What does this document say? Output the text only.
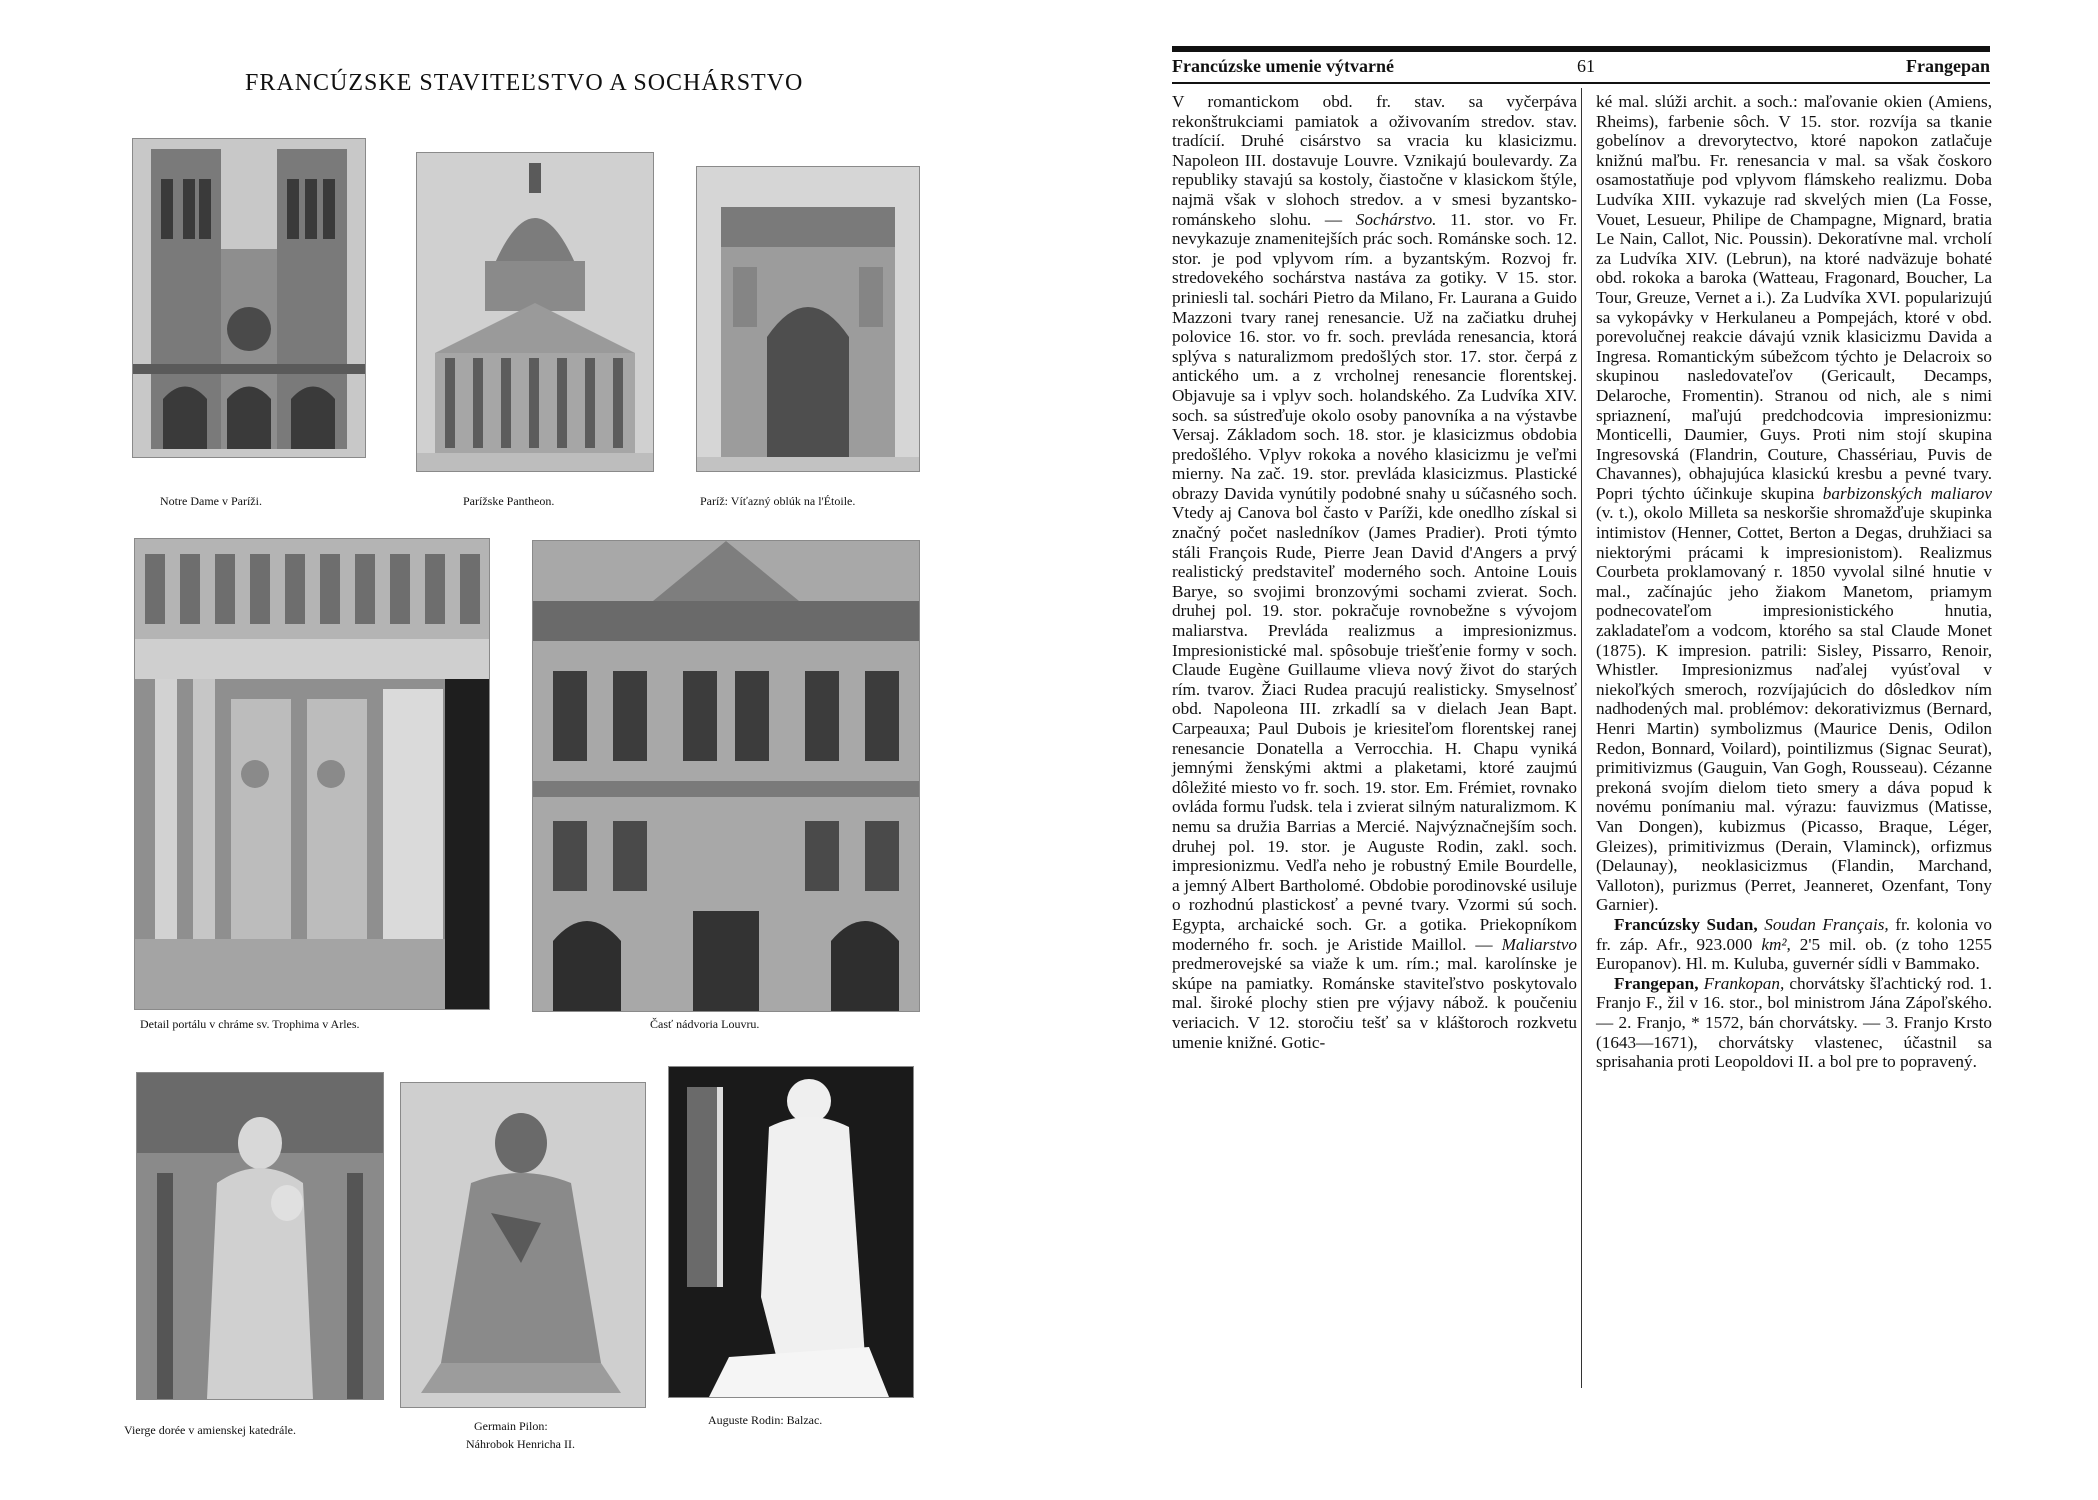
FRANCÚZSKE STAVITEĽSTVO A SOCHÁRSTVO
Notre Dame v Paríži.	Parížske Pantheon.	Paríž: Víťazný oblúk na l'Étoile.
Detail portálu v chráme sv. Trophima v Arles.	Časť nádvoria Louvru.
Vierge dorée v amienskej katedrále.	Germain Pilon:
Náhrobok Henricha II.
Auguste Rodin: Balzac.
Francúzske umenie výtvarné	61	Frangepan

V romantickom obd. fr. stav. sa vyčerpáva rekonštrukciami pamiatok a oživovaním stredov. stav. tradícií. Druhé cisárstvo sa vracia ku klasicizmu. Napoleon III. dostavuje Louvre. Vznikajú boulevardy. Za republiky stavajú sa kostoly, čiastočne v klasickom štýle, najmä však v slohoch stredov. a v smesi byzantsko-románskeho slohu. — Sochárstvo. 11. stor. vo Fr. nevykazuje znamenitejších prác soch. Románske soch. 12. stor. je pod vplyvom rím. a byzantským. Rozvoj fr. stredovekého sochárstva nastáva za gotiky. V 15. stor. priniesli tal. sochári Pietro da Milano, Fr. Laurana a Guido Mazzoni tvary ranej renesancie. Už na začiatku druhej polovice 16. stor. vo fr. soch. prevláda renesancia, ktorá splýva s naturalizmom predošlých stor. 17. stor. čerpá z antického um. a z vrcholnej renesancie florentskej. Objavuje sa i vplyv soch. holandského. Za Ludvíka XIV. soch. sa sústreďuje okolo osoby panovníka a na výstavbe Versaj. Základom soch. 18. stor. je klasicizmus obdobia predošlého. Vplyv rokoka a nového klasicizmu je veľmi mierny. Na zač. 19. stor. prevláda klasicizmus. Plastické obrazy Davida vynútily podobné snahy u súčasného soch. Vtedy aj Canova bol často v Paríži, kde onedlho získal si značný počet nasledníkov (James Pradier). Proti týmto stáli François Rude, Pierre Jean David d'Angers a prvý realistický predstaviteľ moderného soch. Antoine Louis Barye, so svojimi bronzovými sochami zvierat. Soch. druhej pol. 19. stor. pokračuje rovnobežne s vývojom maliarstva. Prevláda realizmus a impresionizmus. Impresionistické mal. spôsobuje triešťenie formy v soch. Claude Eugène Guillaume vlieva nový život do starých rím. tvarov. Žiaci Rudea pracujú realisticky. Smyselnosť obd. Napoleona III. zrkadlí sa v dielach Jean Bapt. Carpeauxa; Paul Dubois je kriesiteľom florentskej ranej renesancie Donatella a Verrocchia. H. Chapu vyniká jemnými ženskými aktmi a plaketami, ktoré zaujmú dôležité miesto vo fr. soch. 19. stor. Em. Frémiet, rovnako ovláda formu ľudsk. tela i zvierat silným naturalizmom. K nemu sa družia Barrias a Mercié. Najvýznačnejším soch. druhej pol. 19. stor. je Auguste Rodin, zakl. soch. impresionizmu. Vedľa neho je robustný Emile Bourdelle, a jemný Albert Bartholomé. Obdobie porodinovské usiluje o rozhodnú plastickosť a pevné tvary. Vzormi sú soch. Egypta, archaické soch. Gr. a gotika. Priekopníkom moderného fr. soch. je Aristide Maillol. — Maliarstvo predmerovejské sa viaže k um. rím.; mal. karolínske je skúpe na pamiatky. Románske staviteľstvo poskytovalo mal. široké plochy stien pre výjavy nábož. k poučeniu veriacich. V 12. storočiu tešť sa v kláštoroch rozkvetu umenie knižné. Gotic-

ké mal. slúži archit. a soch.: maľovanie okien (Amiens, Rheims), farbenie sôch. V 15. stor. rozvíja sa tkanie gobelínov a drevorytectvo, ktoré napokon zatlačuje knižnú maľbu. Fr. renesancia v mal. sa však čoskoro osamostatňuje pod vplyvom flámskeho realizmu. Doba Ludvíka XIII. vykazuje rad skvelých mien (La Fosse, Vouet, Lesueur, Philipe de Champagne, Mignard, bratia Le Nain, Callot, Nic. Poussin). Dekoratívne mal. vrcholí za Ludvíka XIV. (Lebrun), na ktoré nadväzuje bohaté obd. rokoka a baroka (Watteau, Fragonard, Boucher, La Tour, Greuze, Vernet a i.). Za Ludvíka XVI. popularizujú sa vykopávky v Herkulaneu a Pompejách, ktoré v obd. porevolučnej reakcie dávajú vznik klasicizmu Davida a Ingresa. Romantickým súbežcom týchto je Delacroix so skupinou nasledovateľov (Gericault, Decamps, Delaroche, Fromentin). Stranou od nich, ale s nimi spriaznení, maľujú predchodcovia impresionizmu: Monticelli, Daumier, Guys. Proti nim stojí skupina Ingresovská (Flandrin, Couture, Chassériau, Puvis de Chavannes), obhajujúca klasickú kresbu a pevné tvary. Popri týchto účinkuje skupina barbizonských maliarov (v. t.), okolo Milleta sa neskoršie shromažďuje skupinka intimistov (Henner, Cottet, Berton a Degas, druhžiaci sa niektorými prácami k impresionistom). Realizmus Courbeta proklamovaný r. 1850 vyvolal silné hnutie v mal., začínajúc jeho žiakom Manetom, priamym podnecovateľom impresionistického hnutia, zakladateľom a vodcom, ktorého sa stal Claude Monet (1875). K impresion. patrili: Sisley, Pissarro, Renoir, Whistler. Impresionizmus naďalej vyúsťoval v niekoľkých smeroch, rozvíjajúcich do dôsledkov ním nadhodených mal. problémov: dekorativizmus (Bernard, Henri Martin) symbolizmus (Maurice Denis, Odilon Redon, Bonnard, Voilard), pointilizmus (Signac Seurat), primitivizmus (Gauguin, Van Gogh, Rousseau). Cézanne prekoná svojím dielom tieto smery a dáva popud k novému ponímaniu mal. výrazu: fauvizmus (Matisse, Van Dongen), kubizmus (Picasso, Braque, Léger, Gleizes), primitivizmus (Derain, Vlaminck), orfizmus (Delaunay), neoklasicizmus (Flandin, Marchand, Valloton), purizmus (Perret, Jeanneret, Ozenfant, Tony Garnier).

Francúzsky Sudan, Soudan Français, fr. kolonia vo fr. záp. Afr., 923.000 km², 2'5 mil. ob. (z toho 1255 Europanov). Hl. m. Kuluba, guvernér sídli v Bammako.

Frangepan, Frankopan, chorvátsky šľachtický rod. 1. Franjo F., žil v 16. stor., bol ministrom Jána Zápoľského. — 2. Franjo, * 1572, bán chorvátsky. — 3. Franjo Krsto (1643—1671), chorvátsky vlastenec, účastnil sa sprisahania proti Leopoldovi II. a bol pre to popravený.
